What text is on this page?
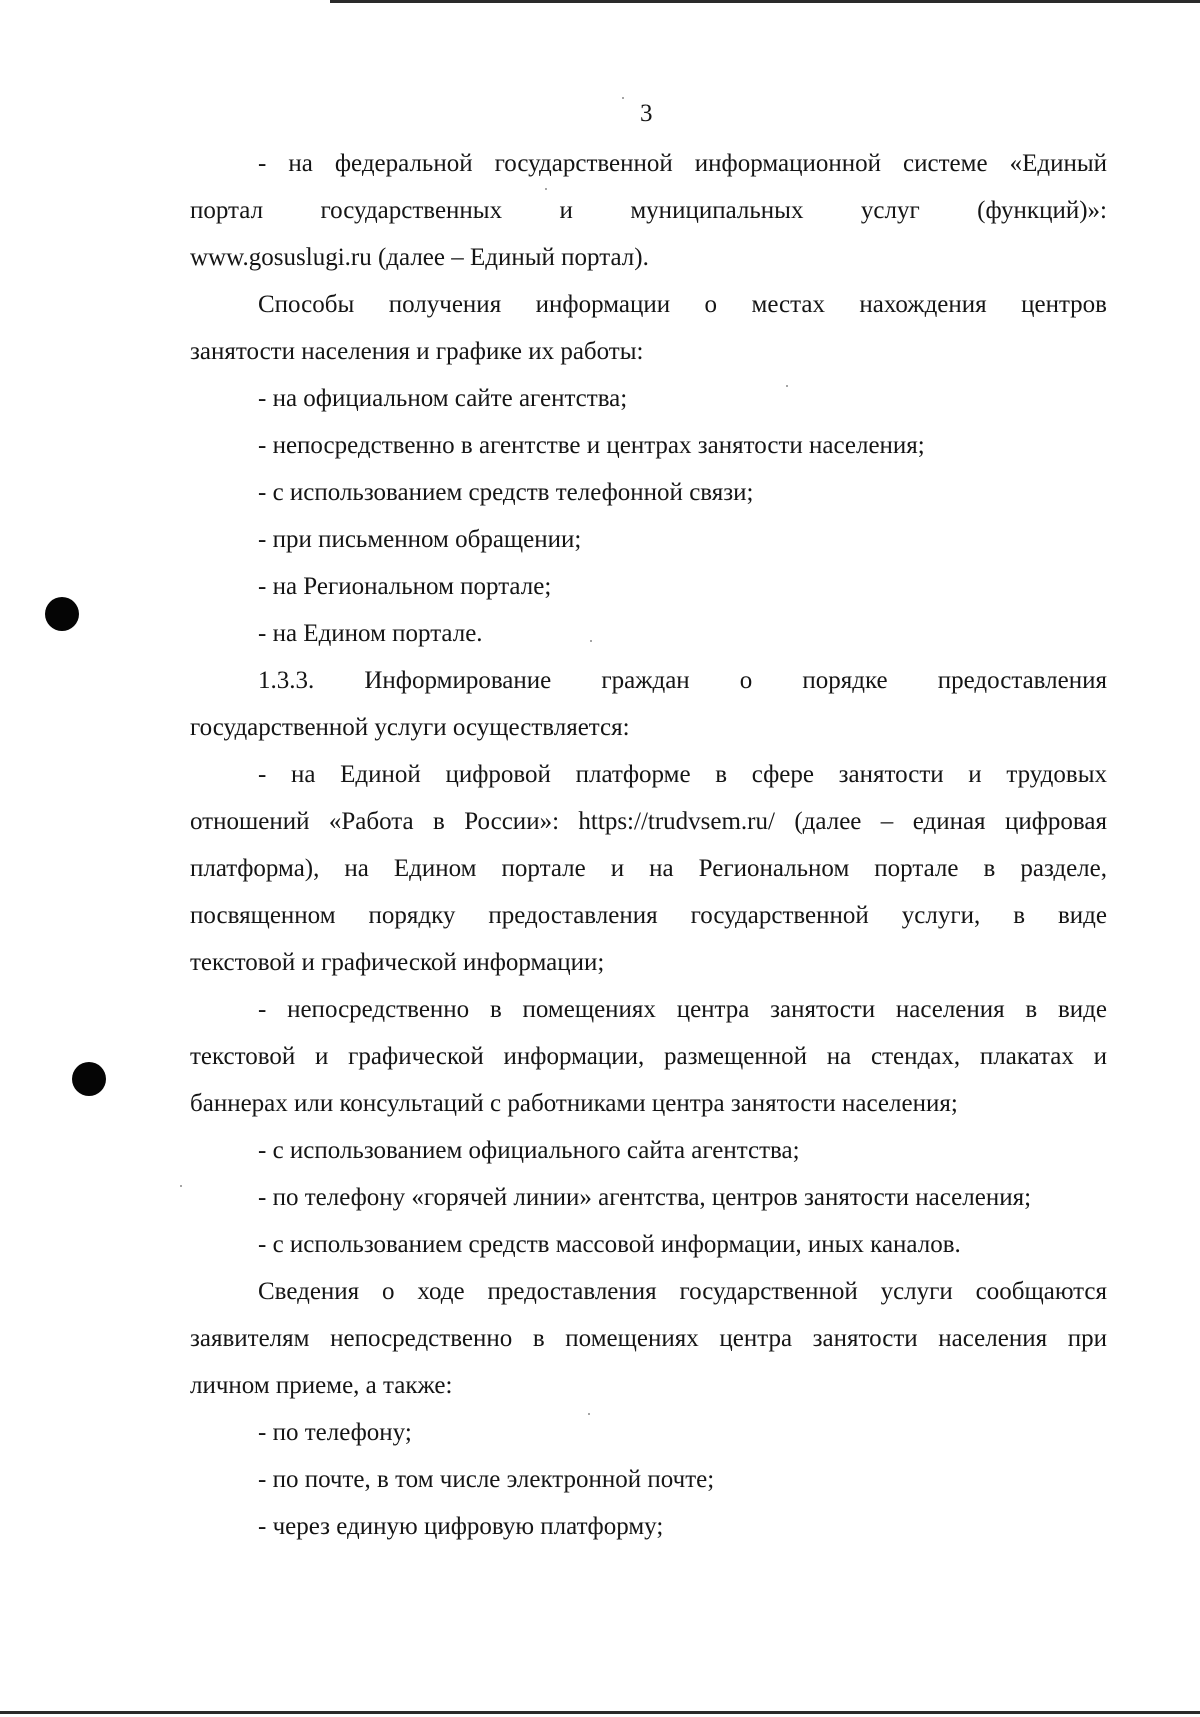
3
- на федеральной государственной информационной системе «Единый
портал государственных и муниципальных услуг (функций)»:
www.gosuslugi.ru (далее – Единый портал).
Способы получения информации о местах нахождения центров
занятости населения и графике их работы:
- на официальном сайте агентства;
- непосредственно в агентстве и центрах занятости населения;
- с использованием средств телефонной связи;
- при письменном обращении;
- на Региональном портале;
- на Едином портале.
1.3.3. Информирование граждан о порядке предоставления
государственной услуги осуществляется:
- на Единой цифровой платформе в сфере занятости и трудовых
отношений «Работа в России»: https://trudvsem.ru/ (далее – единая цифровая
платформа), на Едином портале и на Региональном портале в разделе,
посвященном порядку предоставления государственной услуги, в виде
текстовой и графической информации;
- непосредственно в помещениях центра занятости населения в виде
текстовой и графической информации, размещенной на стендах, плакатах и
баннерах или консультаций с работниками центра занятости населения;
- с использованием официального сайта агентства;
- по телефону «горячей линии» агентства, центров занятости населения;
- с использованием средств массовой информации, иных каналов.
Сведения о ходе предоставления государственной услуги сообщаются
заявителям непосредственно в помещениях центра занятости населения при
личном приеме, а также:
- по телефону;
- по почте, в том числе электронной почте;
- через единую цифровую платформу;
